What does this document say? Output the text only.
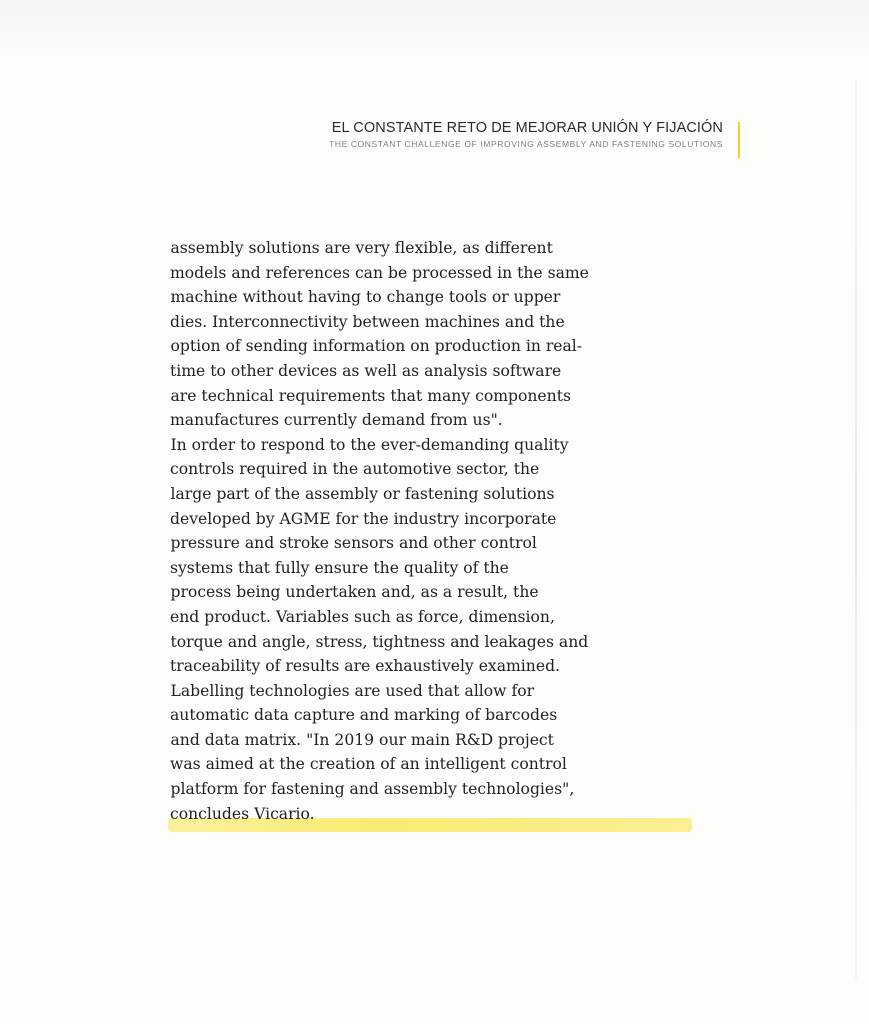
EL CONSTANTE RETO DE MEJORAR UNIÓN Y FIJACIÓN
THE CONSTANT CHALLENGE OF IMPROVING ASSEMBLY AND FASTENING SOLUTIONS

assembly solutions are very flexible, as different
models and references can be processed in the same
machine without having to change tools or upper
dies. Interconnectivity between machines and the
option of sending information on production in real-
time to other devices as well as analysis software
are technical requirements that many components
manufactures currently demand from us".
In order to respond to the ever-demanding quality
controls required in the automotive sector, the
large part of the assembly or fastening solutions
developed by AGME for the industry incorporate
pressure and stroke sensors and other control
systems that fully ensure the quality of the
process being undertaken and, as a result, the
end product. Variables such as force, dimension,
torque and angle, stress, tightness and leakages and
traceability of results are exhaustively examined.
Labelling technologies are used that allow for
automatic data capture and marking of barcodes
and data matrix. "In 2019 our main R&D project
was aimed at the creation of an intelligent control
platform for fastening and assembly technologies",
concludes Vicario.
